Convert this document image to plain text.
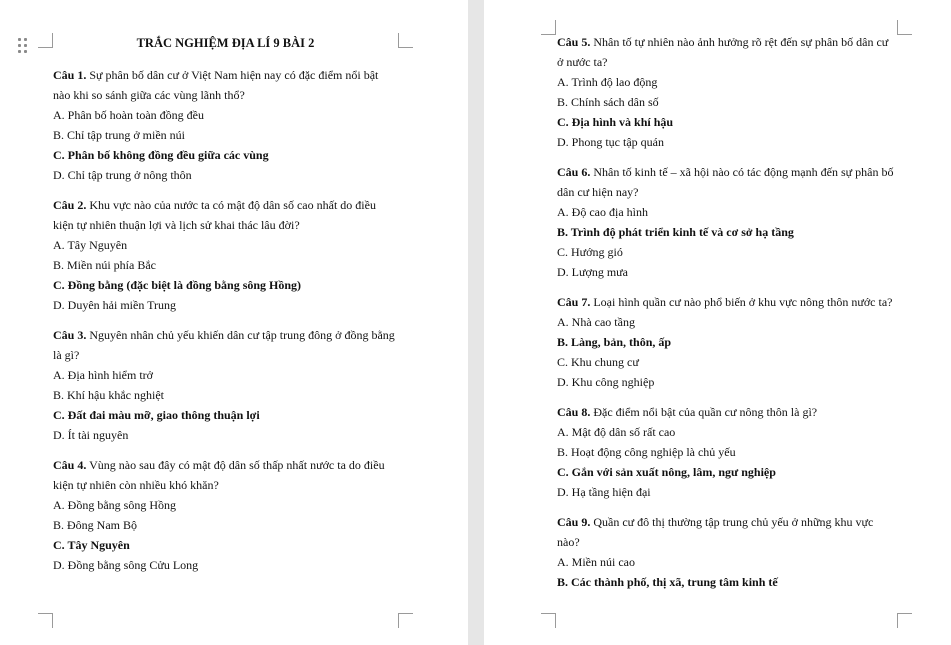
TRẮC NGHIỆM ĐỊA LÍ 9 BÀI 2

Câu 1. Sự phân bố dân cư ở Việt Nam hiện nay có đặc điểm nổi bật nào khi so sánh giữa các vùng lãnh thổ?

A. Phân bố hoàn toàn đồng đều

B. Chỉ tập trung ở miền núi

C. Phân bố không đồng đều giữa các vùng

D. Chỉ tập trung ở nông thôn

Câu 2. Khu vực nào của nước ta có mật độ dân số cao nhất do điều kiện tự nhiên thuận lợi và lịch sử khai thác lâu đời?

A. Tây Nguyên

B. Miền núi phía Bắc

C. Đồng bằng (đặc biệt là đồng bằng sông Hồng)

D. Duyên hải miền Trung

Câu 3. Nguyên nhân chủ yếu khiến dân cư tập trung đông ở đồng bằng là gì?

A. Địa hình hiểm trở

B. Khí hậu khắc nghiệt

C. Đất đai màu mỡ, giao thông thuận lợi

D. Ít tài nguyên

Câu 4. Vùng nào sau đây có mật độ dân số thấp nhất nước ta do điều kiện tự nhiên còn nhiều khó khăn?

A. Đồng bằng sông Hồng

B. Đông Nam Bộ

C. Tây Nguyên

D. Đồng bằng sông Cửu Long

Câu 5. Nhân tố tự nhiên nào ảnh hưởng rõ rệt đến sự phân bố dân cư ở nước ta?

A. Trình độ lao động

B. Chính sách dân số

C. Địa hình và khí hậu

D. Phong tục tập quán

Câu 6. Nhân tố kinh tế – xã hội nào có tác động mạnh đến sự phân bố dân cư hiện nay?

A. Độ cao địa hình

B. Trình độ phát triển kinh tế và cơ sở hạ tầng

C. Hướng gió

D. Lượng mưa

Câu 7. Loại hình quần cư nào phổ biến ở khu vực nông thôn nước ta?

A. Nhà cao tầng

B. Làng, bản, thôn, ấp

C. Khu chung cư

D. Khu công nghiệp

Câu 8. Đặc điểm nổi bật của quần cư nông thôn là gì?

A. Mật độ dân số rất cao

B. Hoạt động công nghiệp là chủ yếu

C. Gắn với sản xuất nông, lâm, ngư nghiệp

D. Hạ tầng hiện đại

Câu 9. Quần cư đô thị thường tập trung chủ yếu ở những khu vực nào?

A. Miền núi cao

B. Các thành phố, thị xã, trung tâm kinh tế
